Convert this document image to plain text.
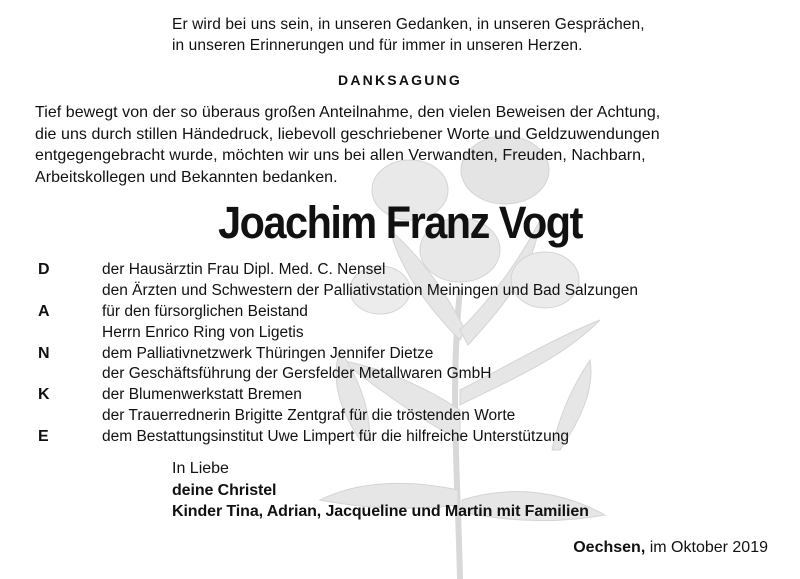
Er wird bei uns sein, in unseren Gedanken, in unseren Gesprächen,
in unseren Erinnerungen und für immer in unseren Herzen.
DANKSAGUNG
Tief bewegt von der so überaus großen Anteilnahme, den vielen Beweisen der Achtung,
die uns durch stillen Händedruck, liebevoll geschriebener Worte und Geldzuwendungen
entgegengebracht wurde, möchten wir uns bei allen Verwandten, Freuden, Nachbarn,
Arbeitskollegen und Bekannten bedanken.
Joachim Franz Vogt
D	der Hausärztin Frau Dipl. Med. C. Nensel
den Ärzten und Schwestern der Palliativstation Meiningen und Bad Salzungen
A	für den fürsorglichen Beistand
Herrn Enrico Ring von Ligetis
N	dem Palliativnetzwerk Thüringen Jennifer Dietze
der Geschäftsführung der Gersfelder Metallwaren GmbH
K	der Blumenwerkstatt Bremen
der Trauerrednerin Brigitte Zentgraf für die tröstenden Worte
E	dem Bestattungsinstitut Uwe Limpert für die hilfreiche Unterstützung
In Liebe
deine Christel
Kinder Tina, Adrian, Jacqueline und Martin mit Familien
Oechsen, im Oktober 2019
